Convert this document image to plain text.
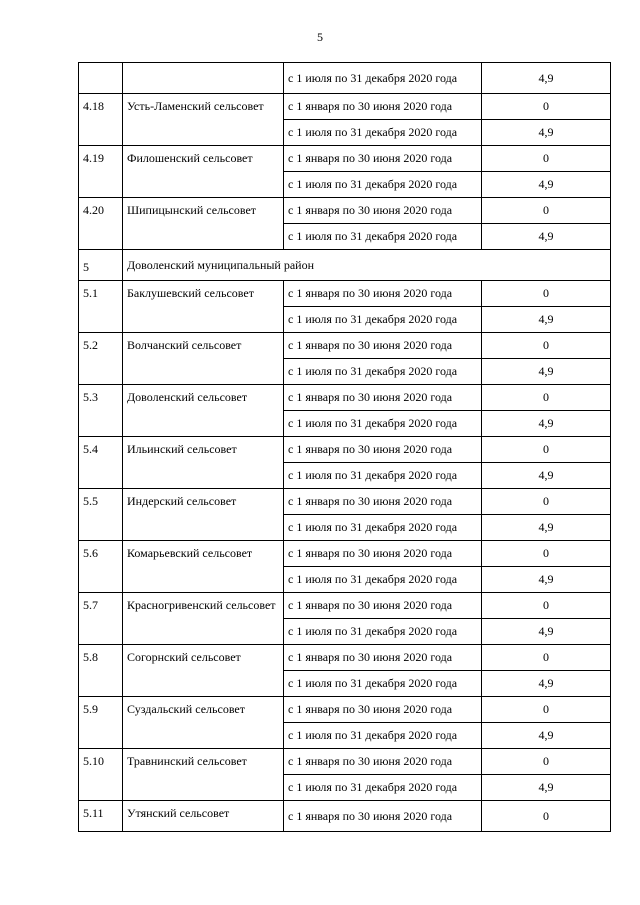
5
		с 1 июля по 31 декабря 2020 года	4,9
4.18	Усть-Ламенский сельсовет	с 1 января по 30 июня 2020 года	0
		с 1 июля по 31 декабря 2020 года	4,9
4.19	Филошенский сельсовет	с 1 января по 30 июня 2020 года	0
		с 1 июля по 31 декабря 2020 года	4,9
4.20	Шипицынский сельсовет	с 1 января по 30 июня 2020 года	0
		с 1 июля по 31 декабря 2020 года	4,9
5	Доволенский муниципальный район		
5.1	Баклушевский сельсовет	с 1 января по 30 июня 2020 года	0
		с 1 июля по 31 декабря 2020 года	4,9
5.2	Волчанский сельсовет	с 1 января по 30 июня 2020 года	0
		с 1 июля по 31 декабря 2020 года	4,9
5.3	Доволенский сельсовет	с 1 января по 30 июня 2020 года	0
		с 1 июля по 31 декабря 2020 года	4,9
5.4	Ильинский сельсовет	с 1 января по 30 июня 2020 года	0
		с 1 июля по 31 декабря 2020 года	4,9
5.5	Индерский сельсовет	с 1 января по 30 июня 2020 года	0
		с 1 июля по 31 декабря 2020 года	4,9
5.6	Комарьевский сельсовет	с 1 января по 30 июня 2020 года	0
		с 1 июля по 31 декабря 2020 года	4,9
5.7	Красногривенский сельсовет	с 1 января по 30 июня 2020 года	0
		с 1 июля по 31 декабря 2020 года	4,9
5.8	Согорнский сельсовет	с 1 января по 30 июня 2020 года	0
		с 1 июля по 31 декабря 2020 года	4,9
5.9	Суздальский сельсовет	с 1 января по 30 июня 2020 года	0
		с 1 июля по 31 декабря 2020 года	4,9
5.10	Травнинский сельсовет	с 1 января по 30 июня 2020 года	0
		с 1 июля по 31 декабря 2020 года	4,9
5.11	Утянский сельсовет	с 1 января по 30 июня 2020 года	0
